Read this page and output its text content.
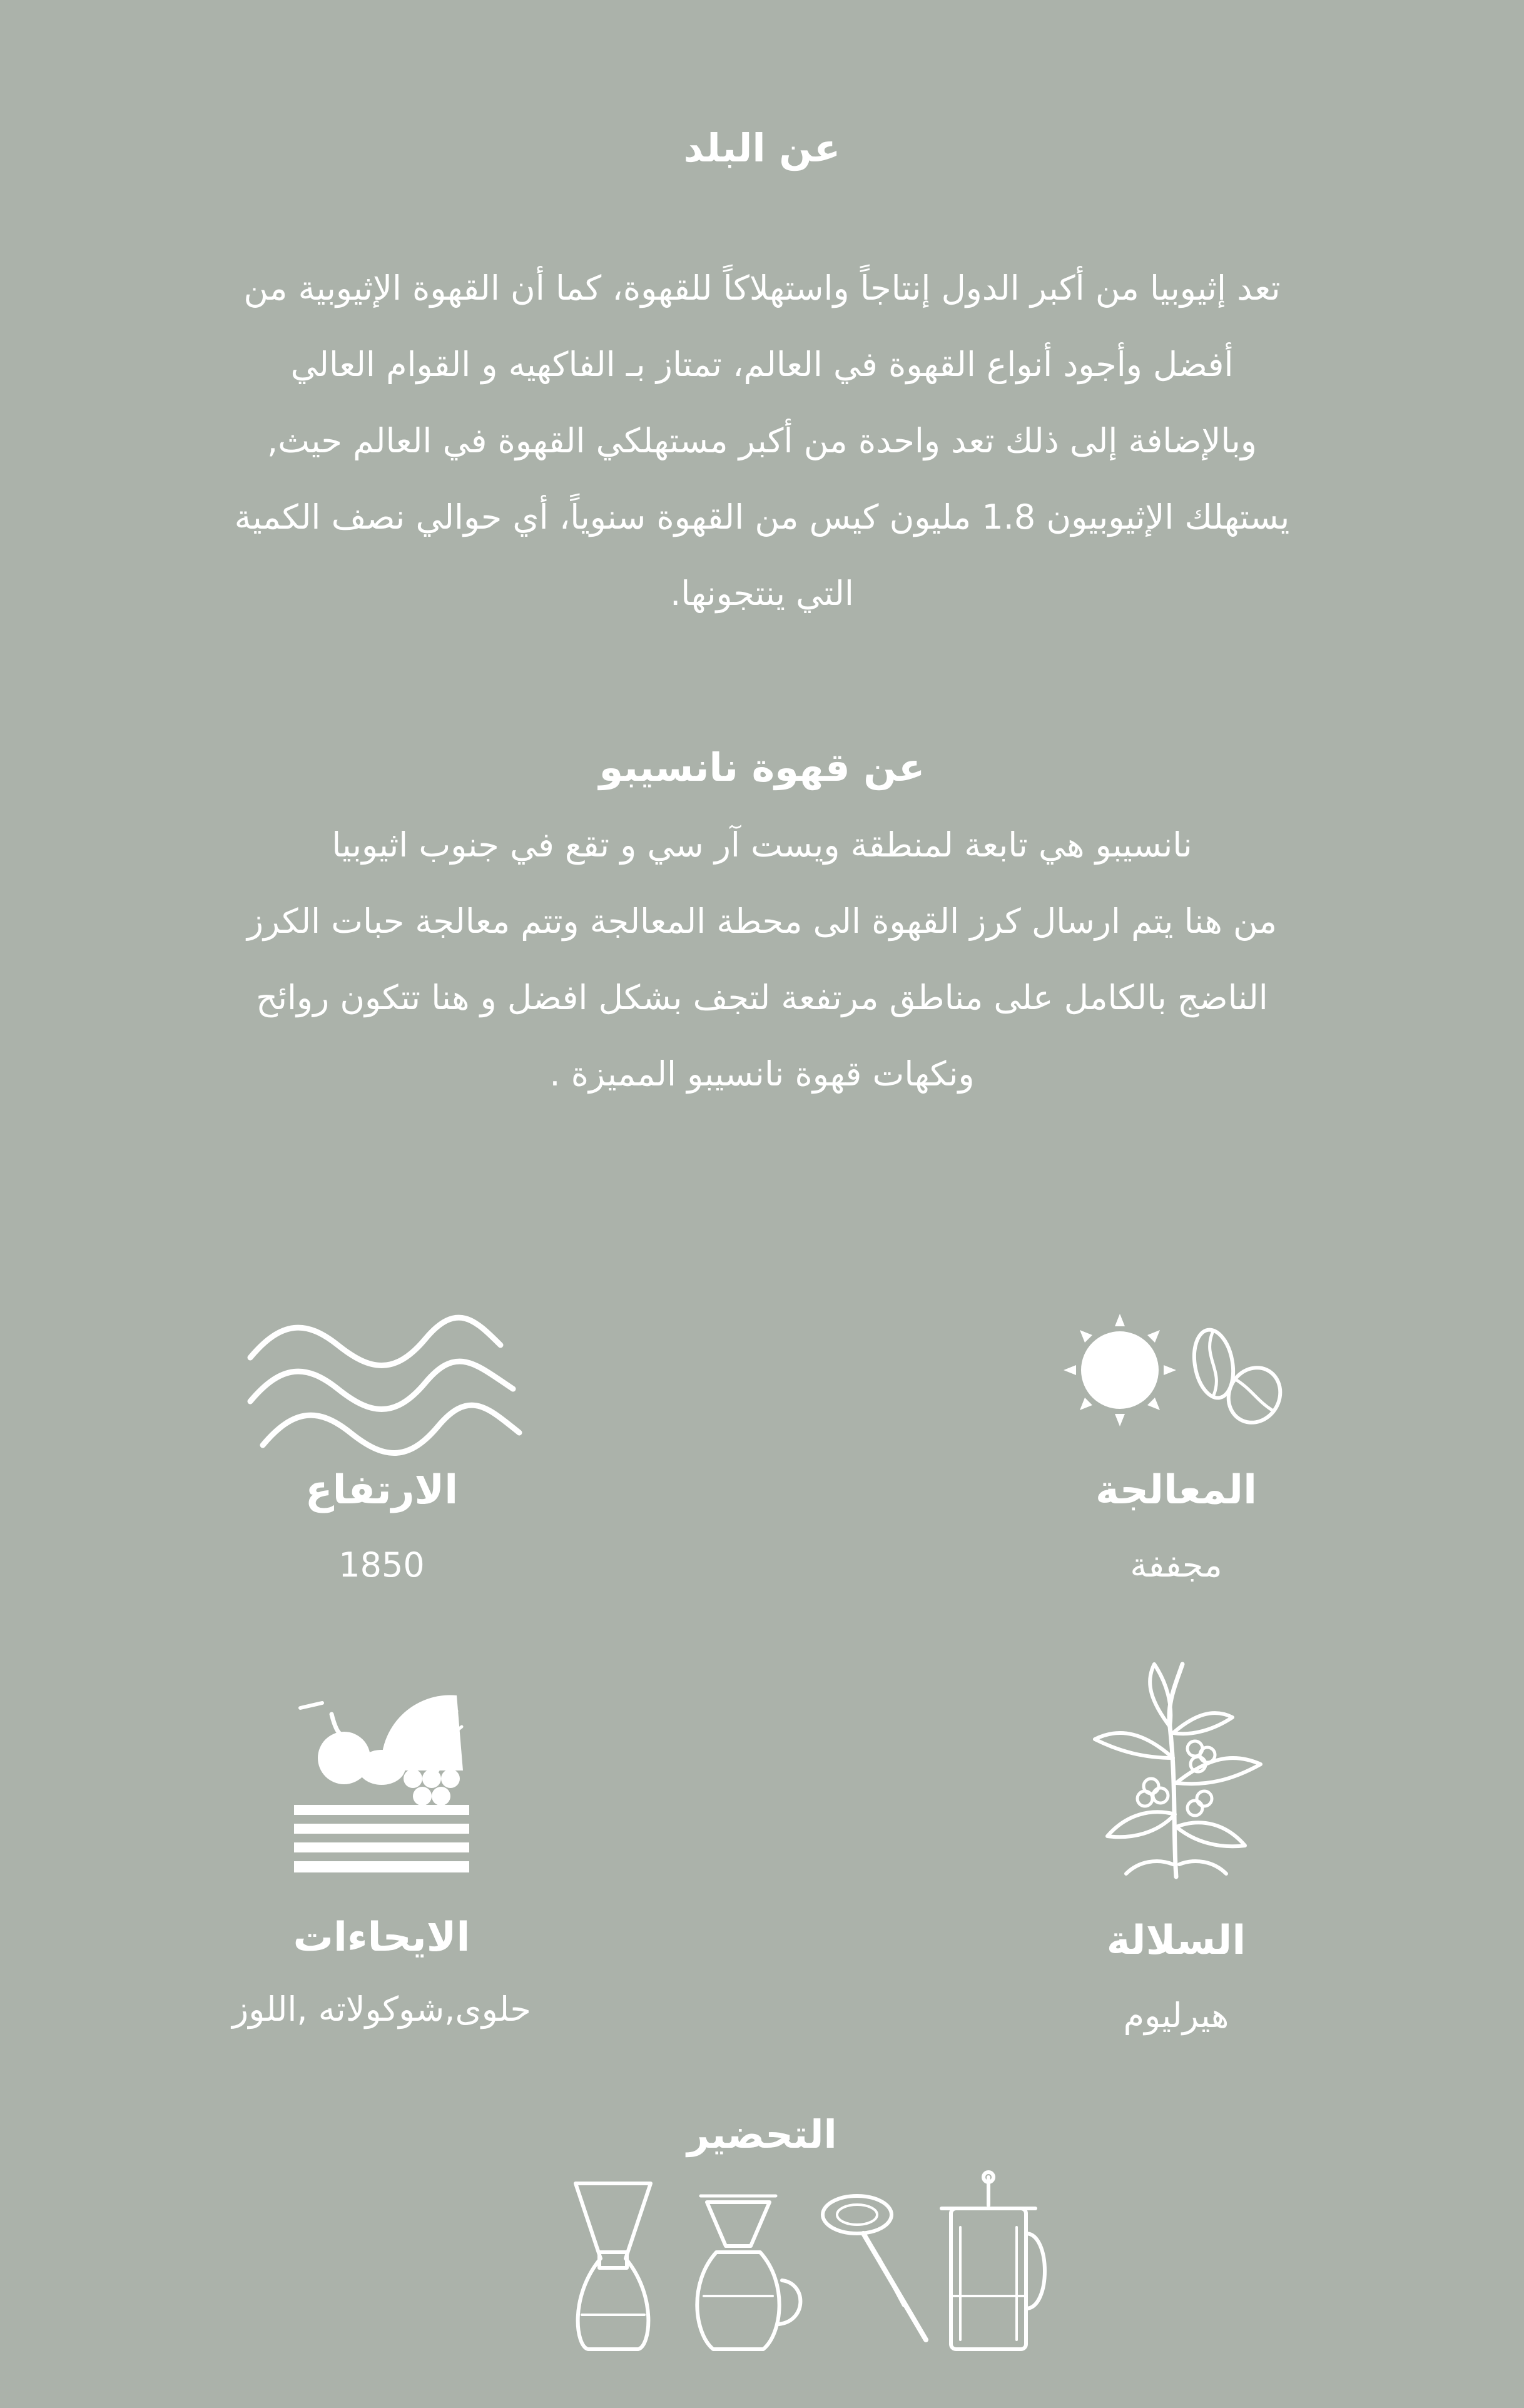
عن البلد
تعد إثيوبيا من أكبر الدول إنتاجاً واستهلاكاً للقهوة، كما أن القهوة الإثيوبية من
أفضل وأجود أنواع القهوة في العالم، تمتاز بـ الفاكهيه و القوام العالي
وبالإضافة إلى ذلك تعد واحدة من أكبر مستهلكي القهوة في العالم حيث,
يستهلك الإثيوبيون 1.8 مليون كيس من القهوة سنوياً، أي حوالي نصف الكمية
التي ينتجونها.
عن قهوة نانسيبو
نانسيبو هي تابعة لمنطقة ويست آر سي و تقع في جنوب اثيوبيا
من هنا يتم ارسال كرز القهوة الى محطة المعالجة وتتم معالجة حبات الكرز
الناضج بالكامل على مناطق مرتفعة لتجف بشكل افضل و هنا تتكون روائح
ونكهات قهوة نانسيبو المميزة .
الارتفاع
1850
المعالجة
مجففة
الايحاءات
حلوى,شوكولاته ,اللوز
السلالة
هيرليوم
التحضير
